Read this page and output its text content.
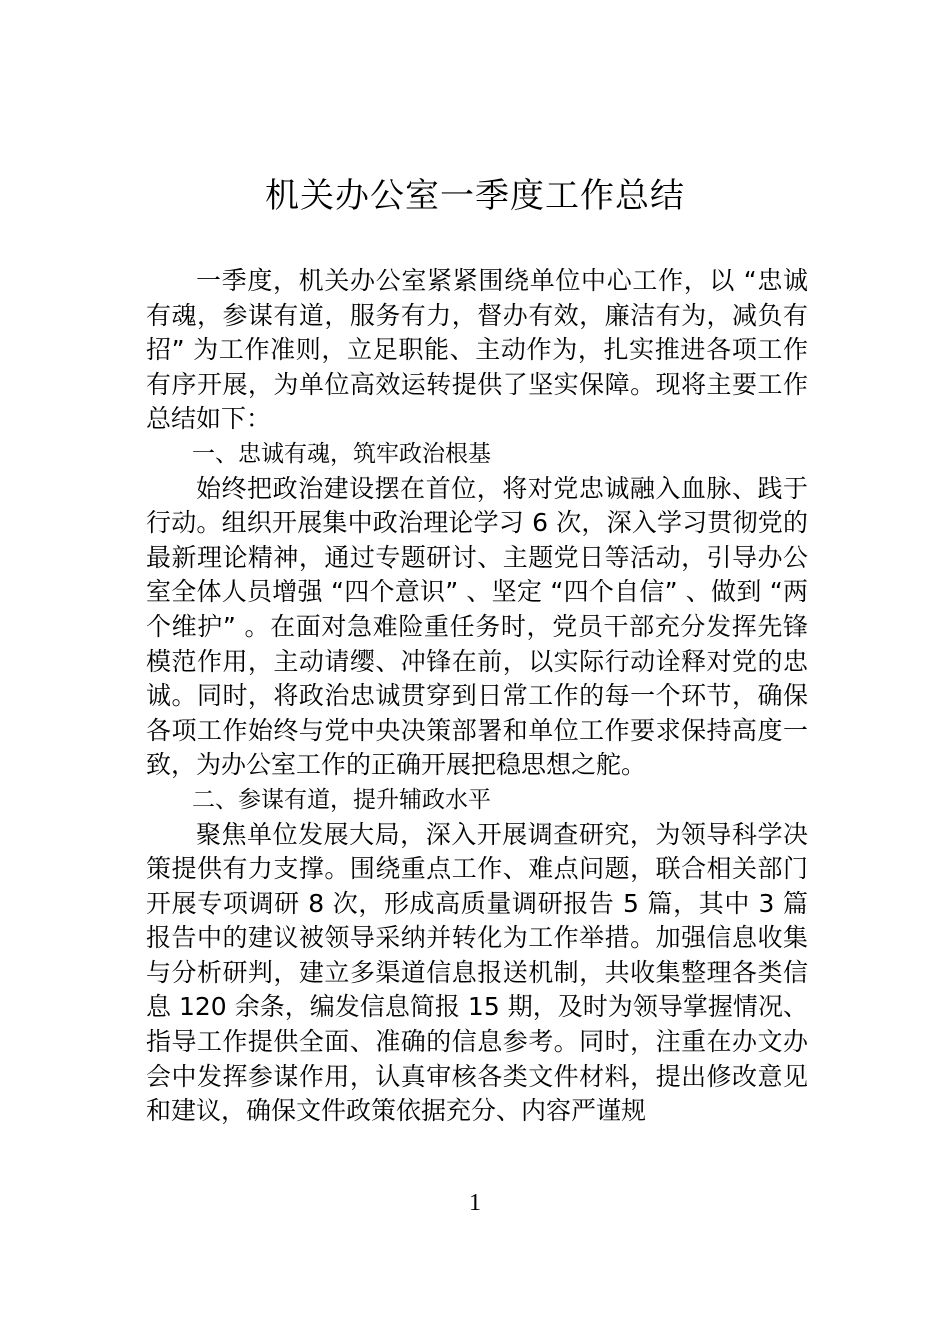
机关办公室一季度工作总结

一季度，机关办公室紧紧围绕单位中心工作，以 “忠诚有魂，参谋有道，服务有力，督办有效，廉洁有为，减负有招” 为工作准则，立足职能、主动作为，扎实推进各项工作有序开展，为单位高效运转提供了坚实保障。现将主要工作总结如下：

一、忠诚有魂，筑牢政治根基

始终把政治建设摆在首位，将对党忠诚融入血脉、践于行动。组织开展集中政治理论学习 6 次，深入学习贯彻党的最新理论精神，通过专题研讨、主题党日等活动，引导办公室全体人员增强 “四个意识” 、坚定 “四个自信” 、做到 “两个维护” 。在面对急难险重任务时，党员干部充分发挥先锋模范作用，主动请缨、冲锋在前，以实际行动诠释对党的忠诚。同时，将政治忠诚贯穿到日常工作的每一个环节，确保各项工作始终与党中央决策部署和单位工作要求保持高度一致，为办公室工作的正确开展把稳思想之舵。

二、参谋有道，提升辅政水平

聚焦单位发展大局，深入开展调查研究，为领导科学决策提供有力支撑。围绕重点工作、难点问题，联合相关部门开展专项调研 8 次，形成高质量调研报告 5 篇，其中 3 篇报告中的建议被领导采纳并转化为工作举措。加强信息收集与分析研判，建立多渠道信息报送机制，共收集整理各类信息 120 余条，编发信息简报 15 期，及时为领导掌握情况、指导工作提供全面、准确的信息参考。同时，注重在办文办会中发挥参谋作用，认真审核各类文件材料，提出修改意见和建议，确保文件政策依据充分、内容严谨规

1
